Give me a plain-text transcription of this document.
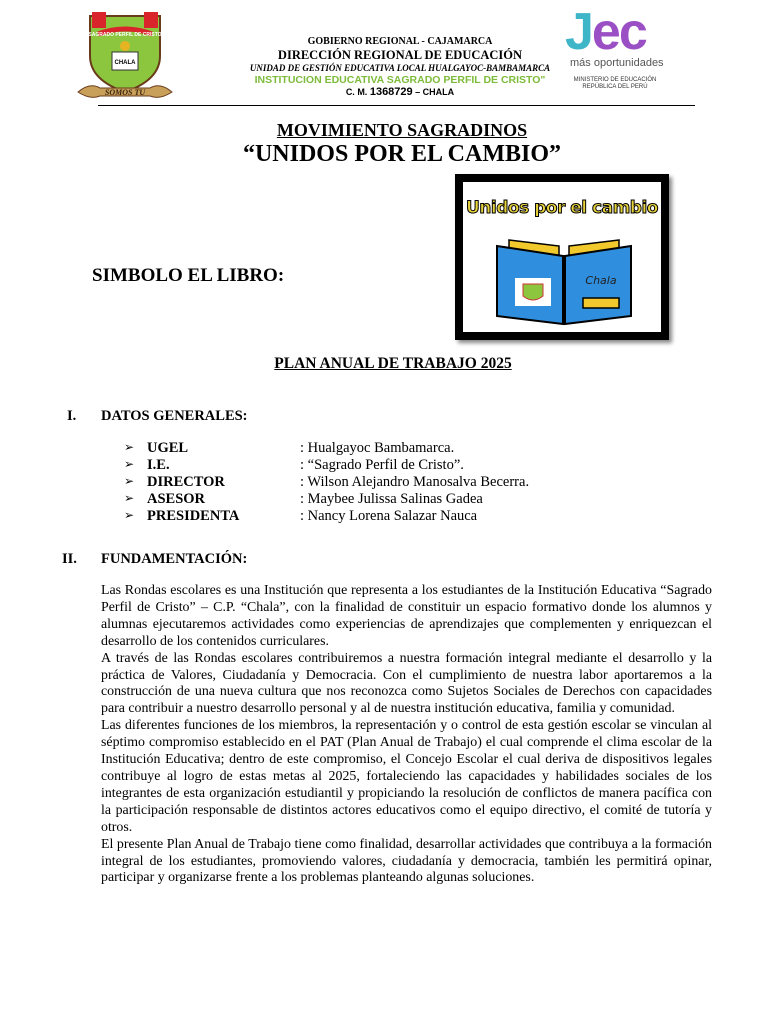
SAGRADO PERFIL DE CRISTO
CHALA
SOMOS TU
GOBIERNO REGIONAL - CAJAMARCA
DIRECCIÓN REGIONAL DE EDUCACIÓN
UNIDAD DE GESTIÓN EDUCATIVA LOCAL HUALGAYOC-BAMBAMARCA
INSTITUCION EDUCATIVA SAGRADO PERFIL DE CRISTO"
C. M. 1368729 – CHALA
Jec
más oportunidades
MINISTERIO DE EDUCACIÓN
REPÚBLICA DEL PERÚ
MOVIMIENTO SAGRADINOS
“UNIDOS POR EL CAMBIO”
SIMBOLO EL LIBRO:
Unidos por el cambio
Chala
PLAN ANUAL DE TRABAJO 2025
I. DATOS GENERALES:
➢ UGEL	: Hualgayoc Bambamarca.
➢ I.E.	: “Sagrado Perfil de Cristo”.
➢ DIRECTOR	: Wilson Alejandro Manosalva Becerra.
➢ ASESOR	: Maybee Julissa Salinas Gadea
➢ PRESIDENTA	: Nancy Lorena Salazar Nauca
II. FUNDAMENTACIÓN:

Las Rondas escolares es una Institución que representa a los estudiantes de la Institución Educativa “Sagrado Perfil de Cristo” – C.P. “Chala”, con la finalidad de constituir un espacio formativo donde los alumnos y alumnas ejecutaremos actividades como experiencias de aprendizajes que complementen y enriquezcan el desarrollo de los contenidos curriculares.

A través de las Rondas escolares contribuiremos a nuestra formación integral mediante el desarrollo y la práctica de Valores, Ciudadanía y Democracia. Con el cumplimiento de nuestra labor aportaremos a la construcción de una nueva cultura que nos reconozca como Sujetos Sociales de Derechos con capacidades para contribuir a nuestro desarrollo personal y al de nuestra institución educativa, familia y comunidad.

Las diferentes funciones de los miembros, la representación y o control de esta gestión escolar se vinculan al séptimo compromiso establecido en el PAT (Plan Anual de Trabajo) el cual comprende el clima escolar de la Institución Educativa; dentro de este compromiso, el Concejo Escolar el cual deriva de dispositivos legales contribuye al logro de estas metas al 2025, fortaleciendo las capacidades y habilidades sociales de los integrantes de esta organización estudiantil y propiciando la resolución de conflictos de manera pacífica con la participación responsable de distintos actores educativos como el equipo directivo, el comité de tutoría y otros.

El presente Plan Anual de Trabajo tiene como finalidad, desarrollar actividades que contribuya a la formación integral de los estudiantes, promoviendo valores, ciudadanía y democracia, también les permitirá opinar, participar y organizarse frente a los problemas planteando algunas soluciones.
